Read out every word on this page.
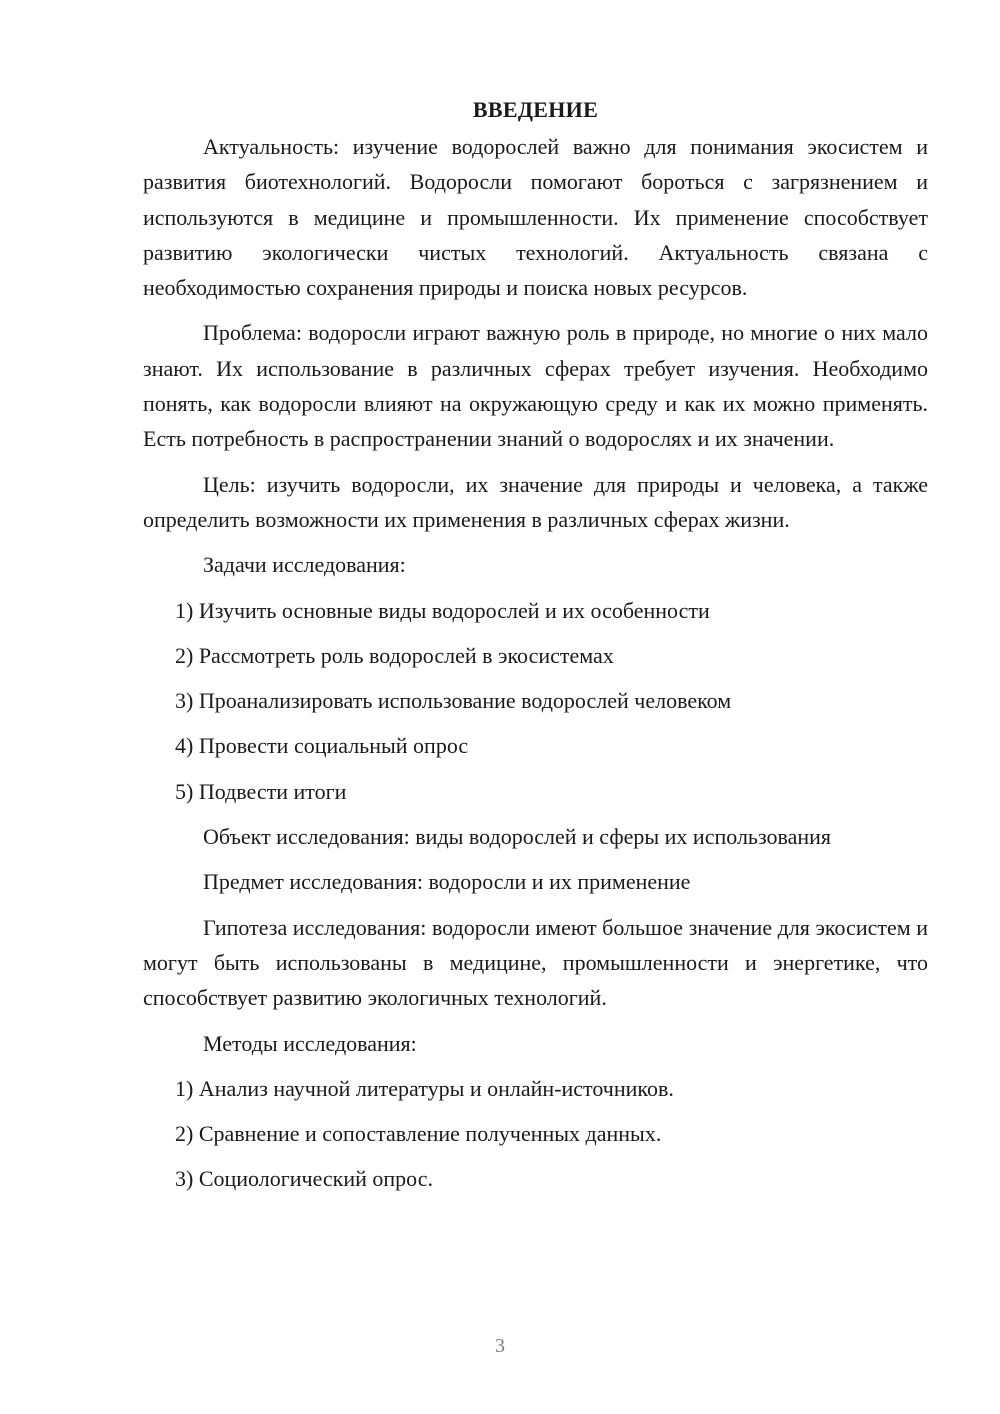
ВВЕДЕНИЕ

Актуальность: изучение водорослей важно для понимания экосистем и развития биотехнологий. Водоросли помогают бороться с загрязнением и используются в медицине и промышленности. Их применение способствует развитию экологически чистых технологий. Актуальность связана с необходимостью сохранения природы и поиска новых ресурсов.

Проблема: водоросли играют важную роль в природе, но многие о них мало знают. Их использование в различных сферах требует изучения. Необходимо понять, как водоросли влияют на окружающую среду и как их можно применять. Есть потребность в распространении знаний о водорослях и их значении.

Цель: изучить водоросли, их значение для природы и человека, а также определить возможности их применения в различных сферах жизни.

Задачи исследования:

1) Изучить основные виды водорослей и их особенности

2) Рассмотреть роль водорослей в экосистемах

3) Проанализировать использование водорослей человеком

4) Провести социальный опрос

5) Подвести итоги

Объект исследования: виды водорослей и сферы их использования

Предмет исследования: водоросли и их применение

Гипотеза исследования: водоросли имеют большое значение для экосистем и могут быть использованы в медицине, промышленности и энергетике, что способствует развитию экологичных технологий.

Методы исследования:

1) Анализ научной литературы и онлайн-источников.

2) Сравнение и сопоставление полученных данных.

3) Социологический опрос.

3
